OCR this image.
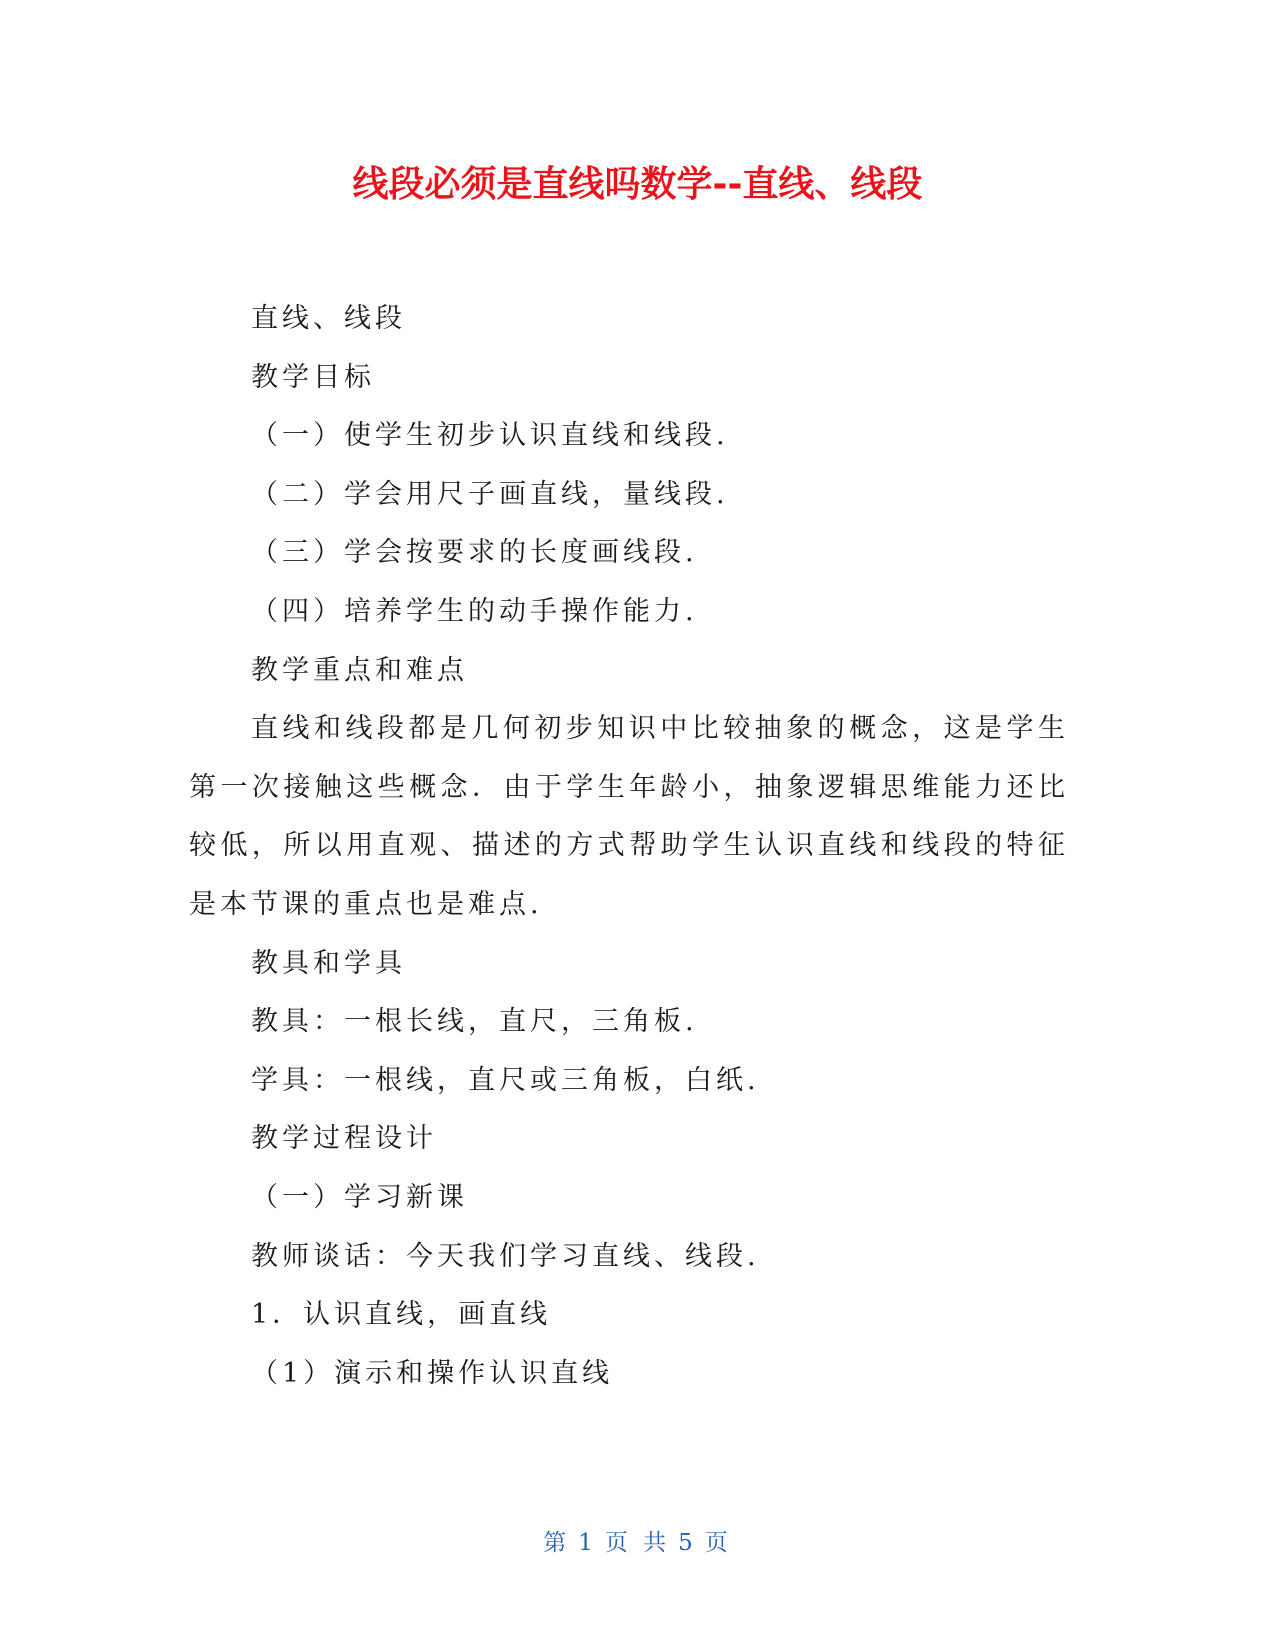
线段必须是直线吗数学--直线、线段

直线、线段

教学目标

（一）使学生初步认识直线和线段.

（二）学会用尺子画直线，量线段.

（三）学会按要求的长度画线段.

（四）培养学生的动手操作能力.

教学重点和难点

直线和线段都是几何初步知识中比较抽象的概念，这是学生第一次接触这些概念．由于学生年龄小，抽象逻辑思维能力还比较低，所以用直观、描述的方式帮助学生认识直线和线段的特征是本节课的重点也是难点.

教具和学具

教具：一根长线，直尺，三角板.

学具：一根线，直尺或三角板，白纸.

教学过程设计

（一）学习新课

教师谈话：今天我们学习直线、线段.

1．认识直线，画直线

（1）演示和操作认识直线

第 1 页 共 5 页
